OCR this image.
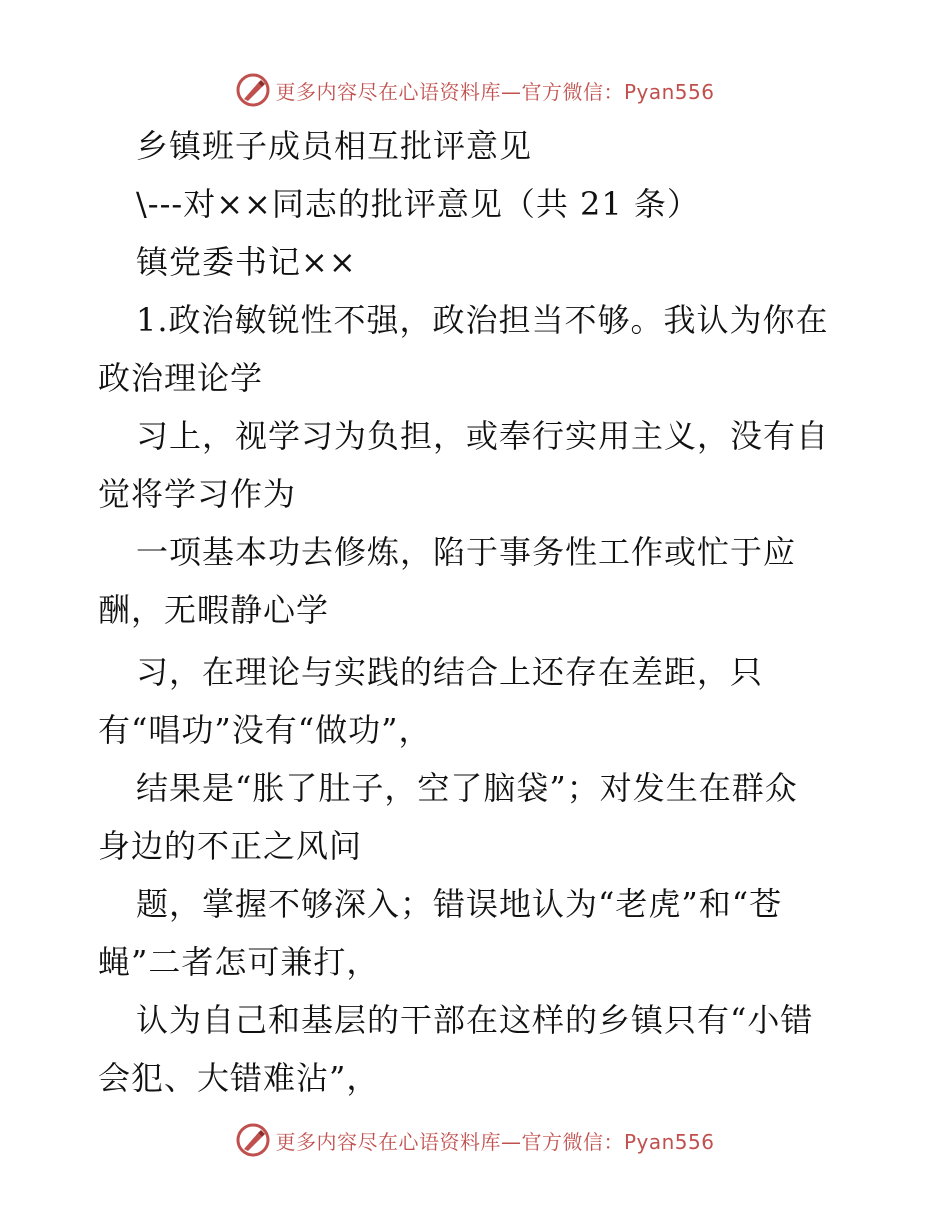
更多内容尽在心语资料库—官方微信：Pyan556
乡镇班子成员相互批评意见
\---对××同志的批评意见（共 21 条）
镇党委书记××
1.政治敏锐性不强，政治担当不够。我认为你在
政治理论学
习上，视学习为负担，或奉行实用主义，没有自
觉将学习作为
一项基本功去修炼，陷于事务性工作或忙于应
酬，无暇静心学
习，在理论与实践的结合上还存在差距，只
有“唱功”没有“做功”，
结果是“胀了肚子，空了脑袋”；对发生在群众
身边的不正之风问
题，掌握不够深入；错误地认为“老虎”和“苍
蝇”二者怎可兼打，
认为自己和基层的干部在这样的乡镇只有“小错
会犯、大错难沾”，
更多内容尽在心语资料库—官方微信：Pyan556
